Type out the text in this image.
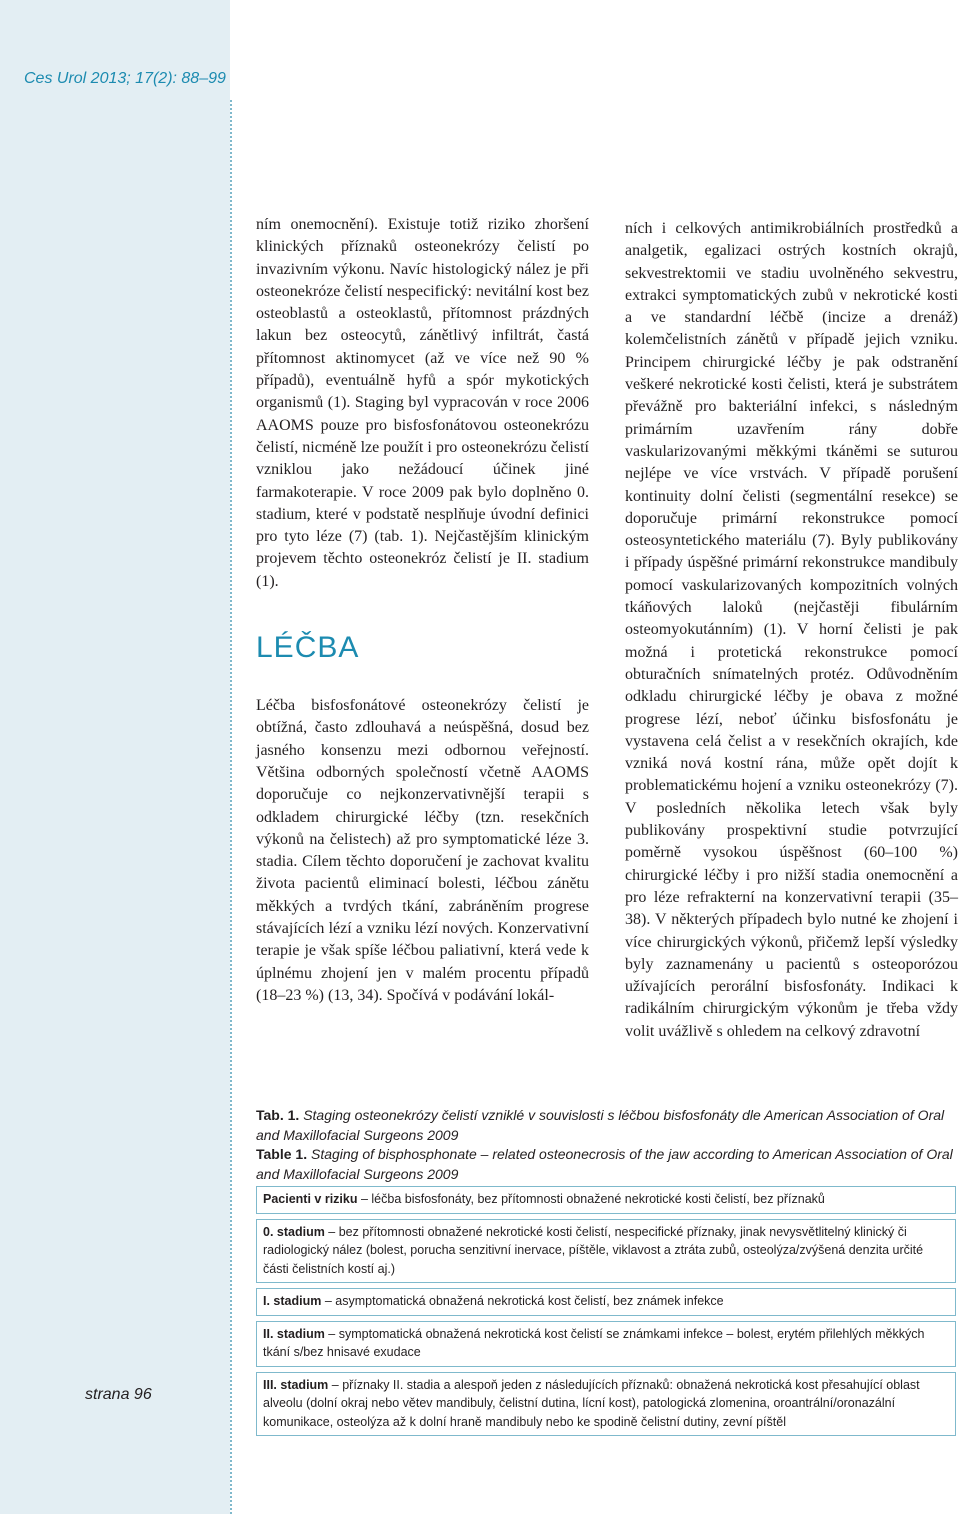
Ces Urol 2013; 17(2): 88–99
strana 96

ním onemocnění). Existuje totiž riziko zhoršení klinických příznaků osteonekrózy čelistí po invazivním výkonu. Navíc histologický nález je při osteonekróze čelistí nespecifický: nevitální kost bez osteoblastů a osteoklastů, přítomnost prázdných lakun bez osteocytů, zánětlivý infiltrát, častá přítomnost aktinomycet (až ve více než 90 % případů), eventuálně hyfů a spór mykotických organismů (1). Staging byl vypracován v roce 2006 AAOMS pouze pro bisfosfonátovou osteonekrózu čelistí, nicméně lze použít i pro osteonekrózu čelistí vzniklou jako nežádoucí účinek jiné farmakoterapie. V roce 2009 pak bylo doplněno 0. stadium, které v podstatě nesplňuje úvodní definici pro tyto léze (7) (tab. 1). Nejčastějším klinickým projevem těchto osteonekróz čelistí je II. stadium (1).

LÉČBA

Léčba bisfosfonátové osteonekrózy čelistí je obtížná, často zdlouhavá a neúspěšná, dosud bez jasného konsenzu mezi odbornou veřejností. Většina odborných společností včetně AAOMS doporučuje co nejkonzervativnější terapii s odkladem chirurgické léčby (tzn. resekčních výkonů na čelistech) až pro symptomatické léze 3. stadia. Cílem těchto doporučení je zachovat kvalitu života pacientů eliminací bolesti, léčbou zánětu měkkých a tvrdých tkání, zabráněním progrese stávajících lézí a vzniku lézí nových. Konzervativní terapie je však spíše léčbou paliativní, která vede k úplnému zhojení jen v malém procentu případů (18–23 %) (13, 34). Spočívá v podávání lokál-

ních i celkových antimikrobiálních prostředků a analgetik, egalizaci ostrých kostních okrajů, sekvestrektomii ve stadiu uvolněného sekvestru, extrakci symptomatických zubů v nekrotické kosti a ve standardní léčbě (incize a drenáž) kolemčelistních zánětů v případě jejich vzniku. Principem chirurgické léčby je pak odstranění veškeré nekrotické kosti čelisti, která je substrátem převážně pro bakteriální infekci, s následným primárním uzavřením rány dobře vaskularizovanými měkkými tkáněmi se suturou nejlépe ve více vrstvách. V případě porušení kontinuity dolní čelisti (segmentální resekce) se doporučuje primární rekonstrukce pomocí osteosyntetického materiálu (7). Byly publikovány i případy úspěšné primární rekonstrukce mandibuly pomocí vaskularizovaných kompozitních volných tkáňových laloků (nejčastěji fibulárním osteomyokutánním) (1). V horní čelisti je pak možná i protetická rekonstrukce pomocí obturačních snímatelných protéz. Odůvodněním odkladu chirurgické léčby je obava z možné progrese lézí, neboť účinku bisfosfonátu je vystavena celá čelist a v resekčních okrajích, kde vzniká nová kostní rána, může opět dojít k problematickému hojení a vzniku osteonekrózy (7). V posledních několika letech však byly publikovány prospektivní studie potvrzující poměrně vysokou úspěšnost (60–100 %) chirurgické léčby i pro nižší stadia onemocnění a pro léze refrakterní na konzervativní terapii (35–38). V některých případech bylo nutné ke zhojení i více chirurgických výkonů, přičemž lepší výsledky byly zaznamenány u pacientů s osteoporózou užívajících perorální bisfosfonáty. Indikaci k radikálním chirurgickým výkonům je třeba vždy volit uvážlivě s ohledem na celkový zdravotní

Tab. 1. Staging osteonekrózy čelistí vzniklé v souvislosti s léčbou bisfosfonáty dle American Association of Oral and Maxillofacial Surgeons 2009

Table 1. Staging of bisphosphonate – related osteonecrosis of the jaw according to American Association of Oral and Maxillofacial Surgeons 2009

Pacienti v riziku – léčba bisfosfonáty, bez přítomnosti obnažené nekrotické kosti čelistí, bez příznaků
0. stadium – bez přítomnosti obnažené nekrotické kosti čelistí, nespecifické příznaky, jinak nevysvětlitelný klinický či radiologický nález (bolest, porucha senzitivní inervace, píštěle, viklavost a ztráta zubů, osteolýza/zvýšená denzita určité části čelistních kostí aj.)
I. stadium – asymptomatická obnažená nekrotická kost čelistí, bez známek infekce
II. stadium – symptomatická obnažená nekrotická kost čelistí se známkami infekce – bolest, erytém přilehlých měkkých tkání s/bez hnisavé exudace
III. stadium – příznaky II. stadia a alespoň jeden z následujících příznaků: obnažená nekrotická kost přesahující oblast alveolu (dolní okraj nebo větev mandibuly, čelistní dutina, lícní kost), patologická zlomenina, oroantrální/oronazální komunikace, osteolýza až k dolní hraně mandibuly nebo ke spodině čelistní dutiny, zevní píštěl
